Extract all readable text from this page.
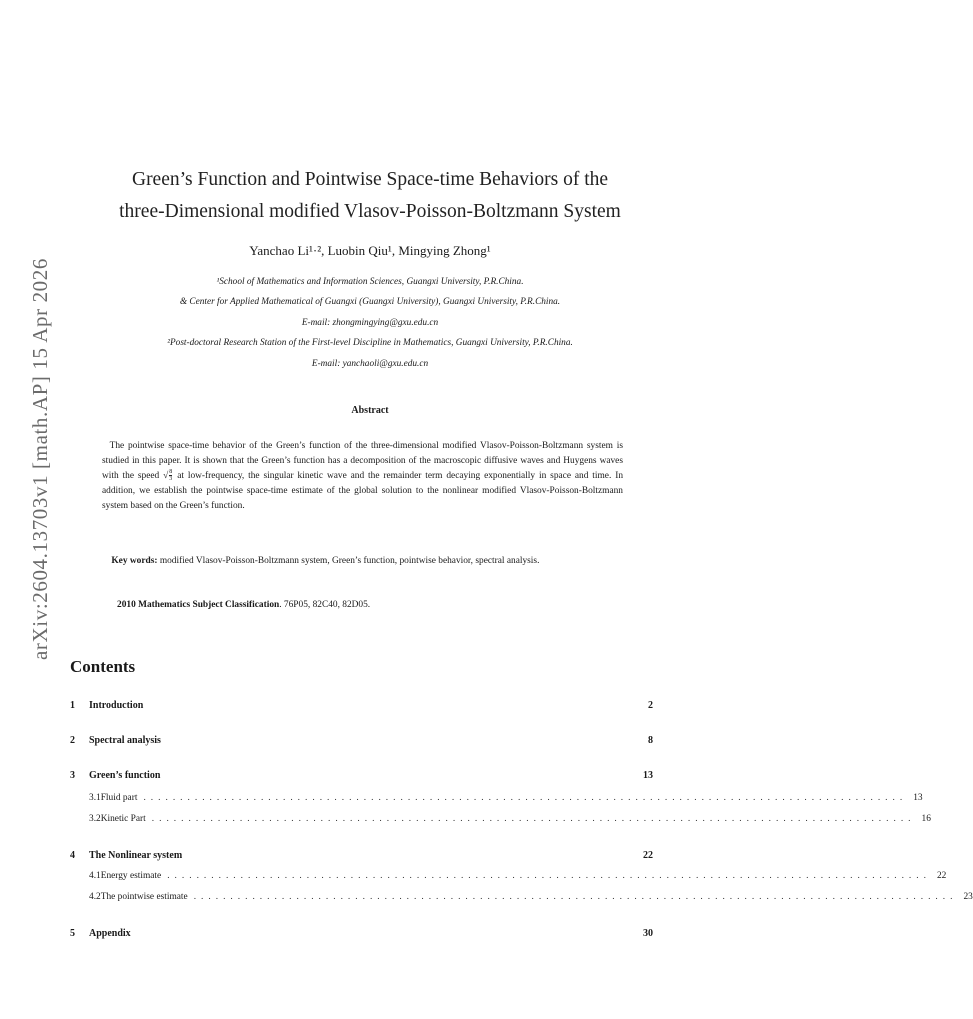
arXiv:2604.13703v1 [math.AP] 15 Apr 2026
Green’s Function and Pointwise Space-time Behaviors of the
three-Dimensional modified Vlasov-Poisson-Boltzmann System
Yanchao Li¹·², Luobin Qiu¹, Mingying Zhong¹
¹School of Mathematics and Information Sciences, Guangxi University, P.R.China.
& Center for Applied Mathematical of Guangxi (Guangxi University), Guangxi University, P.R.China.
E-mail: zhongmingying@gxu.edu.cn
²Post-doctoral Research Station of the First-level Discipline in Mathematics, Guangxi University, P.R.China.
E-mail: yanchaoli@gxu.edu.cn
Abstract
The pointwise space-time behavior of the Green’s function of the three-dimensional modified Vlasov-Poisson-Boltzmann system is studied in this paper. It is shown that the Green’s function has a decomposition of the macroscopic diffusive waves and Huygens waves with the speed √ $\frac{8}{3}$ at low-frequency, the singular kinetic wave and the remainder term decaying exponentially in space and time. In addition, we establish the pointwise space-time estimate of the global solution to the nonlinear modified Vlasov-Poisson-Boltzmann system based on the Green’s function.
Key words: modified Vlasov-Poisson-Boltzmann system, Green’s function, pointwise behavior, spectral analysis.
2010 Mathematics Subject Classification. 76P05, 82C40, 82D05.
Contents
1	Introduction	2
2	Spectral analysis	8
3	Green’s function	13
3.1 Fluid part ........................................................................................................ 13
3.2 Kinetic Part ........................................................................................................ 16
4	The Nonlinear system	22
4.1 Energy estimate ........................................................................................................ 22
4.2 The pointwise estimate ........................................................................................................ 23
5	Appendix	30
